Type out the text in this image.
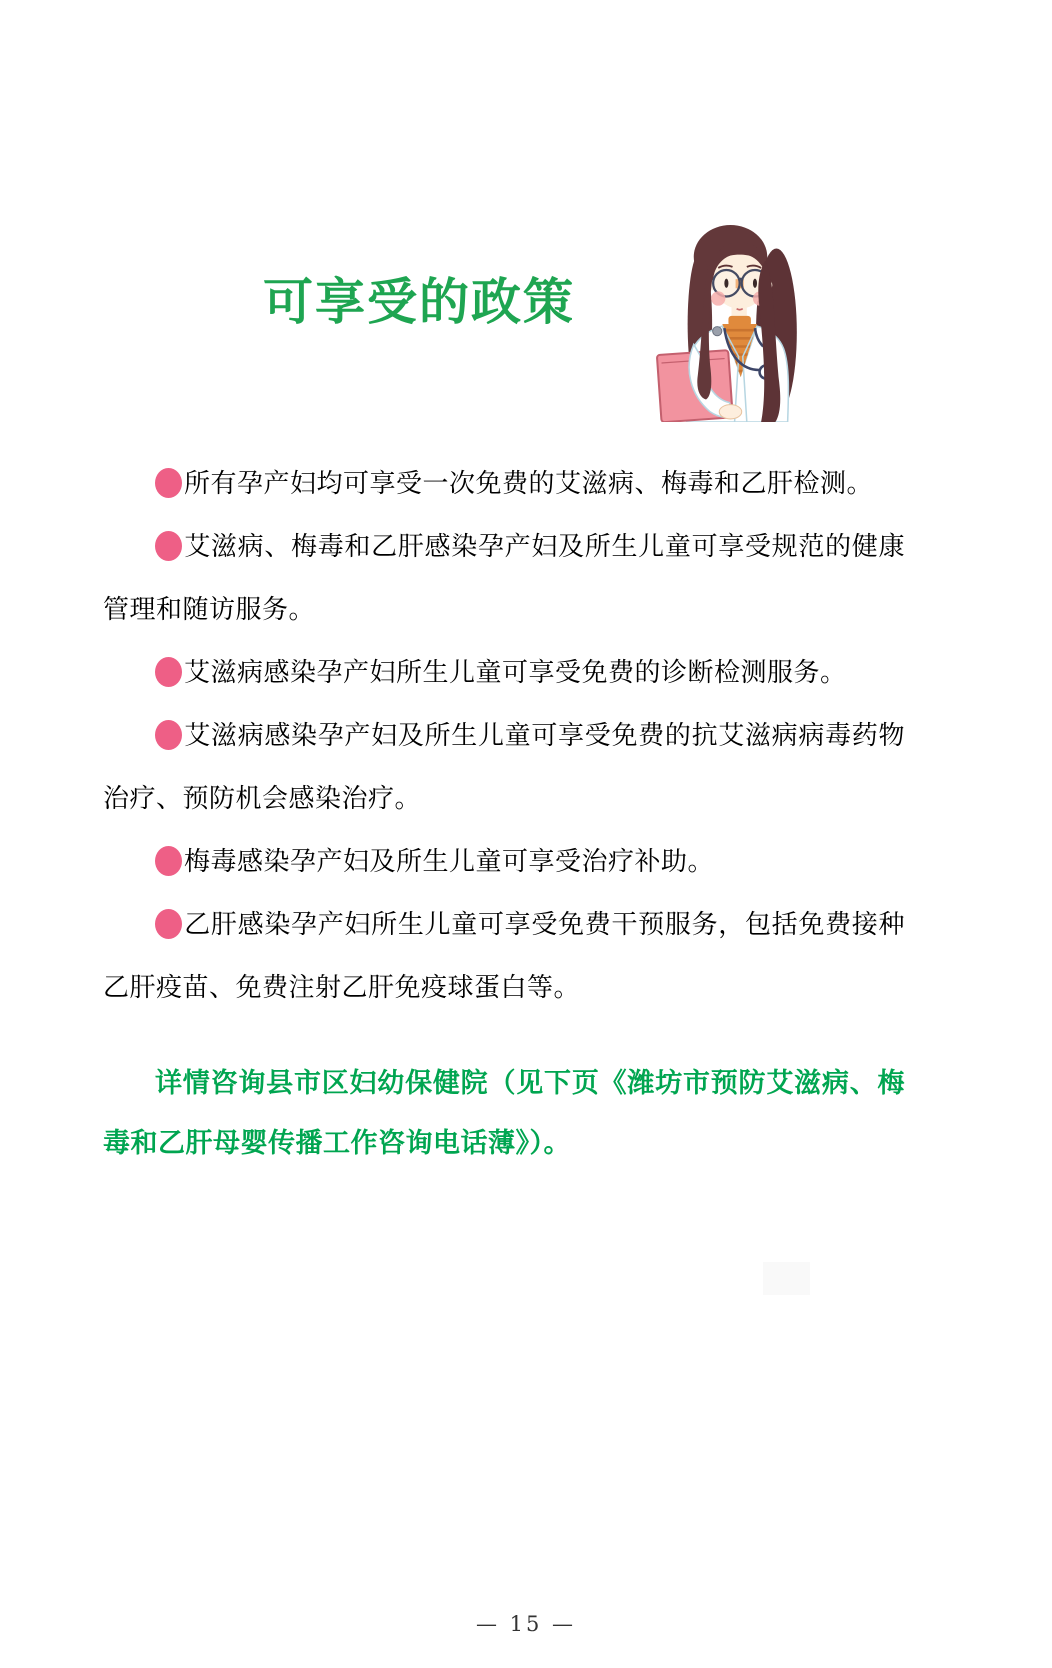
可享受的政策

所有孕产妇均可享受一次免费的艾滋病、梅毒和乙肝检测。

艾滋病、梅毒和乙肝感染孕产妇及所生儿童可享受规范的健康管理和随访服务。

艾滋病感染孕产妇所生儿童可享受免费的诊断检测服务。

艾滋病感染孕产妇及所生儿童可享受免费的抗艾滋病病毒药物治疗、预防机会感染治疗。

梅毒感染孕产妇及所生儿童可享受治疗补助。

乙肝感染孕产妇所生儿童可享受免费干预服务，包括免费接种乙肝疫苗、免费注射乙肝免疫球蛋白等。

详情咨询县市区妇幼保健院（见下页《潍坊市预防艾滋病、梅毒和乙肝母婴传播工作咨询电话薄》）。

— 15 —
